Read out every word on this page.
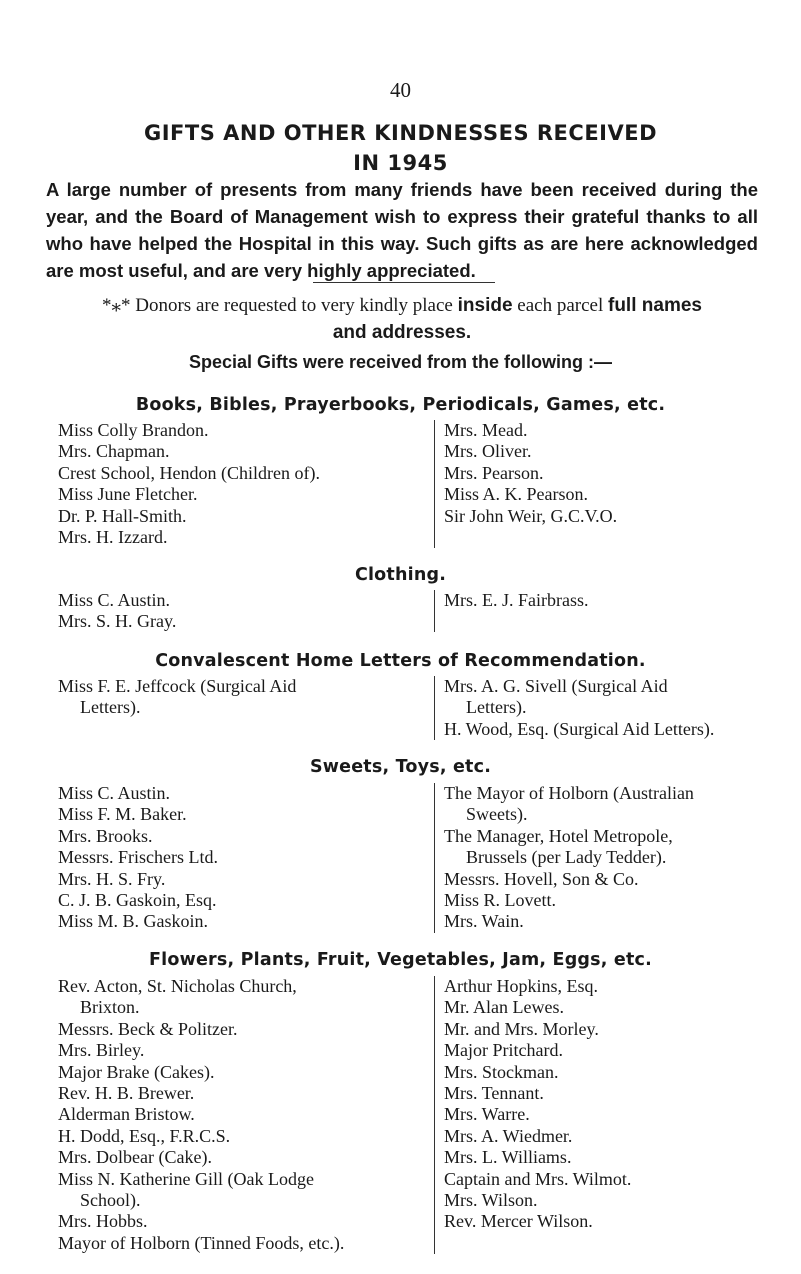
40
GIFTS AND OTHER KINDNESSES RECEIVED
IN 1945
A large number of presents from many friends have been received during the year, and the Board of Management wish to express their grateful thanks to all who have helped the Hospital in this way. Such gifts as are here acknowledged are most useful, and are very highly appreciated.
*⁎* Donors are requested to very kindly place inside each parcel full names
and addresses.
Special Gifts were received from the following :—
Books, Bibles, Prayerbooks, Periodicals, Games, etc.
Miss Colly Brandon.
Mrs. Chapman.
Crest School, Hendon (Children of).
Miss June Fletcher.
Dr. P. Hall-Smith.
Mrs. H. Izzard.
Mrs. Mead.
Mrs. Oliver.
Mrs. Pearson.
Miss A. K. Pearson.
Sir John Weir, G.C.V.O.
Clothing.
Miss C. Austin.
Mrs. S. H. Gray.
Mrs. E. J. Fairbrass.
Convalescent Home Letters of Recommendation.
Miss F. E. Jeffcock (Surgical Aid
Letters).
Mrs. A. G. Sivell (Surgical Aid
Letters).
H. Wood, Esq. (Surgical Aid Letters).
Sweets, Toys, etc.
Miss C. Austin.
Miss F. M. Baker.
Mrs. Brooks.
Messrs. Frischers Ltd.
Mrs. H. S. Fry.
C. J. B. Gaskoin, Esq.
Miss M. B. Gaskoin.
The Mayor of Holborn (Australian
Sweets).
The Manager, Hotel Metropole,
Brussels (per Lady Tedder).
Messrs. Hovell, Son & Co.
Miss R. Lovett.
Mrs. Wain.
Flowers, Plants, Fruit, Vegetables, Jam, Eggs, etc.
Rev. Acton, St. Nicholas Church,
Brixton.
Messrs. Beck & Politzer.
Mrs. Birley.
Major Brake (Cakes).
Rev. H. B. Brewer.
Alderman Bristow.
H. Dodd, Esq., F.R.C.S.
Mrs. Dolbear (Cake).
Miss N. Katherine Gill (Oak Lodge
School).
Mrs. Hobbs.
Mayor of Holborn (Tinned Foods, etc.).
Arthur Hopkins, Esq.
Mr. Alan Lewes.
Mr. and Mrs. Morley.
Major Pritchard.
Mrs. Stockman.
Mrs. Tennant.
Mrs. Warre.
Mrs. A. Wiedmer.
Mrs. L. Williams.
Captain and Mrs. Wilmot.
Mrs. Wilson.
Rev. Mercer Wilson.
